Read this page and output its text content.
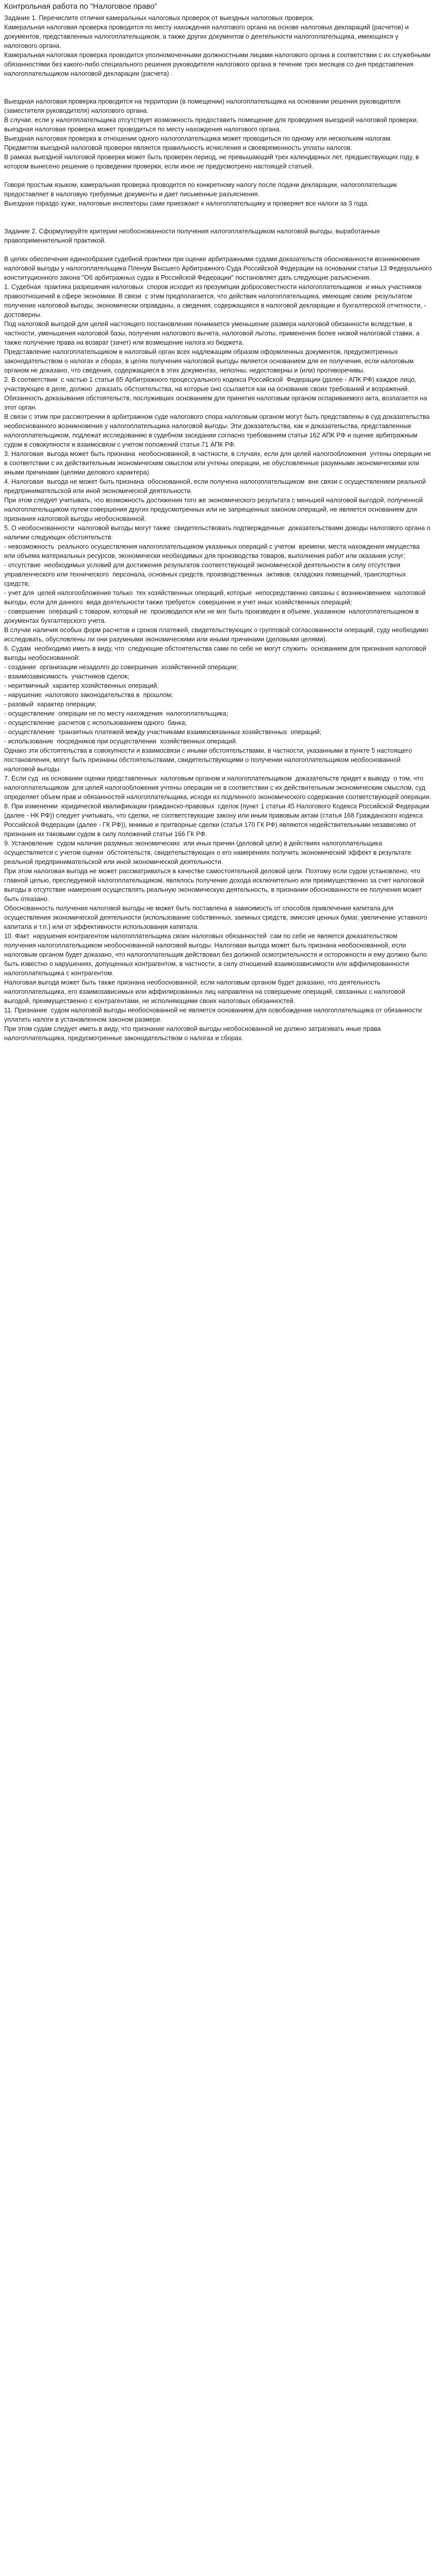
Контрольная работа по "Налоговое право"
Задание 1. Перечислите отличия камеральных налоговых проверок от выездных налоговых проверок.
Камеральная налоговая проверка проводится по месту нахождения налогового органа на основе налоговых деклараций (расчетов) и документов, представленных налогоплательщиком, а также других документов о деятельности налогоплательщика, имеющихся у налогового органа.
Камеральная налоговая проверка проводится уполномоченными должностными лицами налогового органа в соответствии с их служебными обязанностями без какого-либо специального решения руководителя налогового органа в течение трех месяцев со дня представления налогоплательщиком налоговой декларации (расчета) .
Выездная налоговая проверка проводится на территории (в помещении) налогоплательщика на основании решения руководителя (заместителя руководителя) налогового органа.
В случае, если у налогоплательщика отсутствует возможность предоставить помещение для проведения выездной налоговой проверки, выездная налоговая проверка может проводиться по месту нахождения налогового органа.
Выездная налоговая проверка в отношении одного налогоплательщика может проводиться по одному или нескольким налогам.
Предметом выездной налоговой проверки является правильность исчисления и своевременность уплаты налогов.
В рамках выездной налоговой проверки может быть проверен период, не превышающий трех календарных лет, предшествующих году, в котором вынесено решение о проведении проверки, если иное не предусмотрено настоящей статьей.
Говоря простым языком, камеральная проверка проводится по конкретному налогу после подачи декларации, налогоплательщик предоставляет в налоговую требуемые документы и дает письменные разъяснения.
Выездная гораздо хуже, налоговые инспекторы сами приезжают к налогоплательщику и проверяет все налоги за 3 года.
Задание 2. Сформулируйте критерии необоснованности получения налогоплательщиком налоговой выгоды, выработанные правоприменительной практикой.
В целях обеспечения единообразия судебной практики при оценке арбитражными судами доказательств обоснованности возникновения налоговой выгоды у налогоплательщика Пленум Высшего Арбитражного Суда Российской Федерации на основании статьи 13 Федерального конституционного закона "Об арбитражных судах в Российской Федерации" постановляет дать следующие разъяснения.
1. Судебная  практика разрешения налоговых  споров исходит из презумпции добросовестности налогоплательщиков  и иных участников правоотношений в сфере экономики. В связи  с этим предполагается, что действия налогоплательщика, имеющие своим  результатом получение налоговой выгоды, экономически оправданы, а сведения, содержащиеся в налоговой декларации и бухгалтерской отчетности, - достоверны.
Под налоговой выгодой для целей настоящего постановления понимается уменьшение размера налоговой обязанности вследствие, в частности, уменьшения налоговой базы, получения налогового вычета, налоговой льготы, применения более низкой налоговой ставки, а также получение права на возврат (зачет) или возмещение налога из бюджета.
Представление налогоплательщиком в налоговый орган всех надлежащим образом оформленных документов, предусмотренных законодательством о налогах и сборах, в целях получения налоговой выгоды является основанием для ее получения, если налоговым органом не доказано, что сведения, содержащиеся в этих документах, неполны, недостоверны и (или) противоречивы.
2. В соответствии  с частью 1 статьи 65 Арбитражного процессуального кодекса Российской  Федерации (далее - АПК РФ) каждое лицо, участвующее в деле, должно  доказать обстоятельства, на которые оно ссылается как на основание своих требований и возражений. Обязанность доказывания обстоятельств, послуживших основанием для принятия налоговым органом оспариваемого акта, возлагается на этот орган.
В связи с этим при рассмотрении в арбитражном суде налогового спора налоговым органом могут быть представлены в суд доказательства необоснованного возникновения у налогоплательщика налоговой выгоды. Эти доказательства, как и доказательства, представленные налогоплательщиком, подлежат исследованию в судебном заседании согласно требованиям статьи 162 АПК РФ и оценке арбитражным судом в совокупности и взаимосвязи с учетом положений статьи 71 АПК РФ.
3. Налоговая  выгода может быть признана  необоснованной, в частности, в случаях, если для целей налогообложения  учтены операции не в соответствии с их действительным экономическим смыслом или учтены операции, не обусловленные разумными экономическими или иными причинами (целями делового характера).
4. Налоговая  выгода не может быть признана  обоснованной, если получена налогоплательщиком  вне связи с осуществлением реальной предпринимательской или иной экономической деятельности.
При этом следует учитывать, что возможность достижения того же экономического результата с меньшей налоговой выгодой, полученной налогоплательщиком путем совершения других предусмотренных или не запрещенных законом операций, не является основанием для признания налоговой выгоды необоснованной.
5. О необоснованности  налоговой выгоды могут также  свидетельствовать подтвержденные  доказательствами доводы налогового органа о наличии следующих обстоятельств:
- невозможность  реального осуществления налогоплательщиком указанных операций с учетом  времени, места нахождения имущества или объема материальных ресурсов, экономически необходимых для производства товаров, выполнения работ или оказания услуг;
- отсутствие  необходимых условий для достижения результатов соответствующей экономической деятельности в силу отсутствия управленческого или технического  персонала, основных средств, производственных  активов, складских помещений, транспортных средств;
- учет для  целей налогообложения только  тех хозяйственных операций, которые  непосредственно связаны с возникновением  налоговой выгоды, если для данного  вида деятельности также требуется  совершение и учет иных хозяйственных операций;
- совершение  операций с товаром, который не  производился или не мог быть произведен в объеме, указанном  налогоплательщиком в документах бухгалтерского учета.
В случае наличия особых форм расчетов и сроков платежей, свидетельствующих о групповой согласованности операций, суду необходимо исследовать, обусловлены ли они разумными экономическими или иными причинами (деловыми целями).
6. Судам  необходимо иметь в виду, что  следующие обстоятельства сами по себе не могут служить  основанием для признания налоговой выгоды необоснованной:
- создание  организации незадолго до совершения  хозяйственной операции;
- взаимозависимость  участников сделок;
- неритмичный  характер хозяйственных операций;
- нарушение  налогового законодательства в  прошлом;
- разовый  характер операции;
- осуществление  операции не по месту нахождения  налогоплательщика;
- осуществление  расчетов с использованием одного  банка;
- осуществление  транзитных платежей между участниками взаимосвязанных хозяйственных  операций;
- использование  посредников при осуществлении  хозяйственных операций.
Однако эти обстоятельства в совокупности и взаимосвязи с иными обстоятельствами, в частности, указанными в пункте 5 настоящего постановления, могут быть признаны обстоятельствами, свидетельствующими о получении налогоплательщиком необоснованной налоговой выгоды.
7. Если суд  на основании оценки представленных  налоговым органом и налогоплательщиком  доказательств придет к выводу  о том, что налогоплательщиком  для целей налогообложения учтены операции не в соответствии с их действительным экономическим смыслом, суд определяет объем прав и обязанностей налогоплательщика, исходя из подлинного экономического содержания соответствующей операции.
8. При изменении  юридической квалификации гражданско-правовых  сделок (пункт 1 статьи 45 Налогового Кодекса Российской Федерации (далее - НК РФ)) следует учитывать, что сделки, не соответствующие закону или иным правовым актам (статья 168 Гражданского кодекса Российской Федерации (далее - ГК РФ)), мнимые и притворные сделки (статья 170 ГК РФ) являются недействительными независимо от признания их таковыми судом в силу положений статьи 166 ГК РФ.
9. Установление  судом наличия разумных экономических  или иных причин (деловой цели) в действиях налогоплательщика  осуществляется с учетом оценки  обстоятельств, свидетельствующих о его намерениях получить экономический эффект в результате реальной предпринимательской или иной экономической деятельности.
При этом налоговая выгода не может рассматриваться в качестве самостоятельной деловой цели. Поэтому если судом установлено, что главной целью, преследуемой налогоплательщиком, являлось получение дохода исключительно или преимущественно за счет налоговой выгоды в отсутствие намерения осуществлять реальную экономическую деятельность, в признании обоснованности ее получения может быть отказано.
Обоснованность получения налоговой выгоды не может быть поставлена в зависимость от способов привлечения капитала для осуществления экономической деятельности (использование собственных, заемных средств, эмиссия ценных бумаг, увеличение уставного капитала и т.п.) или от эффективности использования капитала.
10. Факт  нарушения контрагентом налогоплательщика своих налоговых обязанностей  сам по себе не является доказательством  получения налогоплательщиком необоснованной налоговой выгоды. Налоговая выгода может быть признана необоснованной, если налоговым органом будет доказано, что налогоплательщик действовал без должной осмотрительности и осторожности и ему должно было быть известно о нарушениях, допущенных контрагентом, в частности, в силу отношений взаимозависимости или аффилированности налогоплательщика с контрагентом.
Налоговая выгода может быть также признана необоснованной, если налоговым органом будет доказано, что деятельность налогоплательщика, его взаимозависимых или аффилированных лиц направлена на совершение операций, связанных с налоговой выгодой, преимущественно с контрагентами, не исполняющими своих налоговых обязанностей.
11. Признание  судом налоговой выгоды необоснованной не является основанием для освобождения налогоплательщика от обязанности уплатить налоги в установленном законом размере.
При этом судам следует иметь в виду, что признание налоговой выгоды необоснованной не должно затрагивать иные права налогоплательщика, предусмотренные законодательством о налогах и сборах.
